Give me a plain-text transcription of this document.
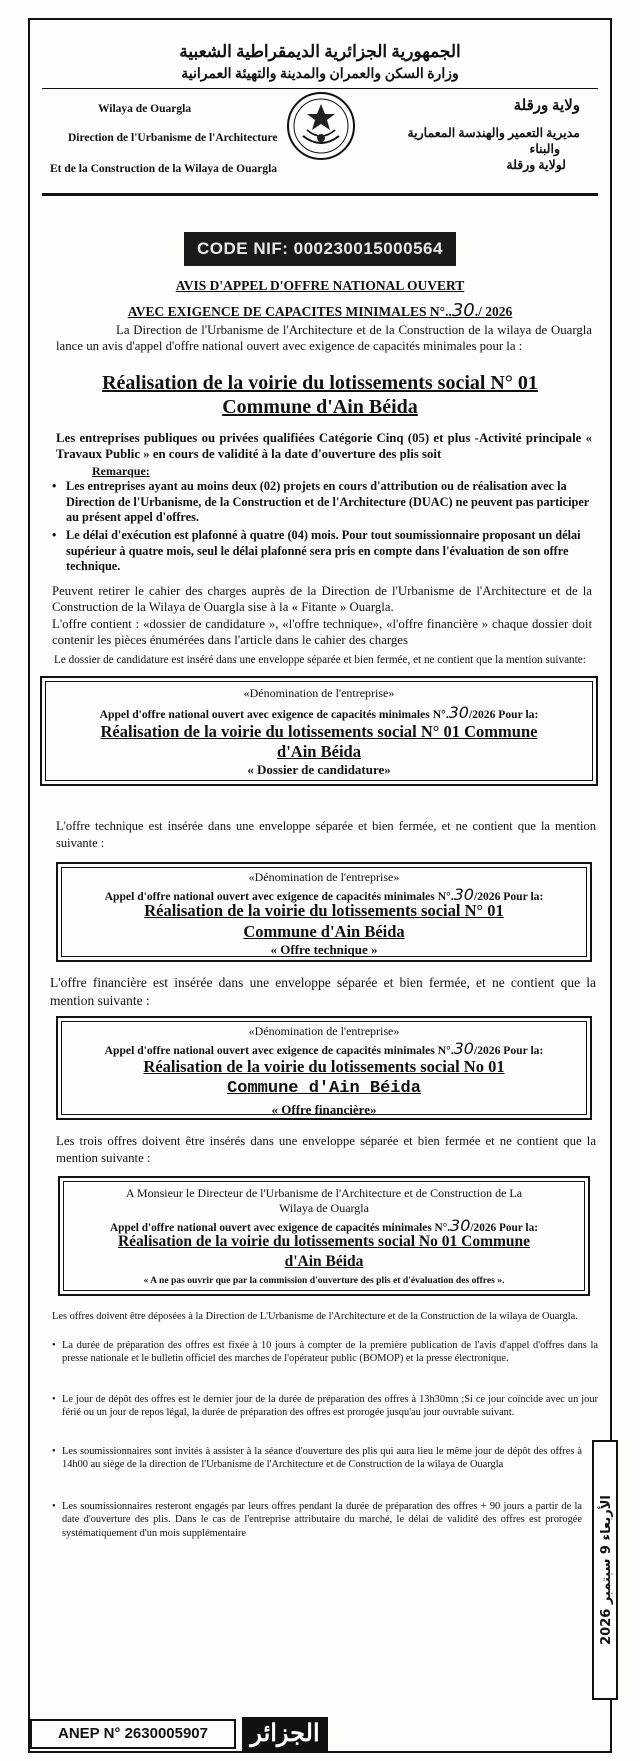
الجمهورية الجزائرية الديمقراطية الشعبية
وزارة السكن والعمران والمدينة والتهيئة العمرانية
Wilaya de Ouargla
Direction de l'Urbanisme de l'Architecture
Et de la Construction de la Wilaya de Ouargla
ولاية ورقلة
مديرية التعمير والهندسة المعمارية
والبناء
لولاية ورقلة
CODE NIF: 000230015000564
AVIS D'APPEL D'OFFRE NATIONAL OUVERT
AVEC EXIGENCE DE CAPACITES MINIMALES N°..30./ 2026
La Direction de l'Urbanisme de l'Architecture et de la Construction de la wilaya de Ouargla lance un avis d'appel d'offre national ouvert avec exigence de capacités minimales pour la :
Réalisation de la voirie du lotissements social N° 01
Commune d'Ain Béida
Les entreprises publiques ou privées qualifiées Catégorie Cinq (05) et plus -Activité principale « Travaux Public » en cours de validité à la date d'ouverture des plis soit
Remarque:
• Les entreprises ayant au moins deux (02) projets en cours d'attribution ou de réalisation avec la Direction de l'Urbanisme, de la Construction et de l'Architecture (DUAC) ne peuvent pas participer au présent appel d'offres.
• Le délai d'exécution est plafonné à quatre (04) mois. Pour tout soumissionnaire proposant un délai supérieur à quatre mois, seul le délai plafonné sera pris en compte dans l'évaluation de son offre technique.
Peuvent retirer le cahier des charges auprès de la Direction de l'Urbanisme de l'Architecture et de la Construction de la Wilaya de Ouargla sise à la « Fitante » Ouargla.
L'offre contient : «dossier de candidature », «l'offre technique», «l'offre financière » chaque dossier doit contenir les pièces énumérées dans l'article dans le cahier des charges
Le dossier de candidature est inséré dans une enveloppe séparée et bien fermée, et ne contient que la mention suivante:
«Dénomination de l'entreprise»
Appel d'offre national ouvert avec exigence de capacités minimales N°.30/2026 Pour la:
Réalisation de la voirie du lotissements social N° 01 Commune
d'Ain Béida
« Dossier de candidature»
L'offre technique est insérée dans une enveloppe séparée et bien fermée, et ne contient que la mention suivante :
«Dénomination de l'entreprise»
Appel d'offre national ouvert avec exigence de capacités minimales N°.30/2026 Pour la:
Réalisation de la voirie du lotissements social N° 01
Commune d'Ain Béida
« Offre technique »
L'offre financière est insérée dans une enveloppe séparée et bien fermée, et ne contient que la mention suivante :
«Dénomination de l'entreprise»
Appel d'offre national ouvert avec exigence de capacités minimales N°.30/2026 Pour la:
Réalisation de la voirie du lotissements social No 01
Commune d'Ain Béida
« Offre financière»
Les trois offres doivent être insérés dans une enveloppe séparée et bien fermée et ne contient que la mention suivante :
A Monsieur le Directeur de l'Urbanisme de l'Architecture et de Construction de La
Wilaya de Ouargla
Appel d'offre national ouvert avec exigence de capacités minimales N°.30/2026 Pour la:
Réalisation de la voirie du lotissements social No 01 Commune
d'Ain Béida
« A ne pas ouvrir que par la commission d'ouverture des plis et d'évaluation des offres ».
Les offres doivent être déposées à la Direction de L'Urbanisme de l'Architecture et de la Construction de la wilaya de Ouargla.
• La durée de préparation des offres est fixée à 10 jours à compter de la première publication de l'avis d'appel d'offres dans la presse nationale et le bulletin officiel des marches de l'opérateur public (BOMOP) et la presse électronique.
• Le jour de dépôt des offres est le dernier jour de la durée de préparation des offres à 13h30mn ;Si ce jour coïncide avec un jour férié ou un jour de repos légal, la durée de préparation des offres est prorogée jusqu'au jour ouvrable suivant.
• Les soumissionnaires sont invités à assister à la séance d'ouverture des plis qui aura lieu le même jour de dépôt des offres à 14h00 au siège de la direction de l'Urbanisme de l'Architecture et de Construction de la wilaya de Ouargla
• Les soumissionnaires resteront engagés par leurs offres pendant la durée de préparation des offres + 90 jours a partir de la date d'ouverture des plis. Dans le cas de l'entreprise attributaire du marché, le délai de validité des offres est prorogée systématiquement d'un mois supplémentaire
ANEP N° 2630005907	الجزائر
الأربعاء 9 سبتمبر 2026
